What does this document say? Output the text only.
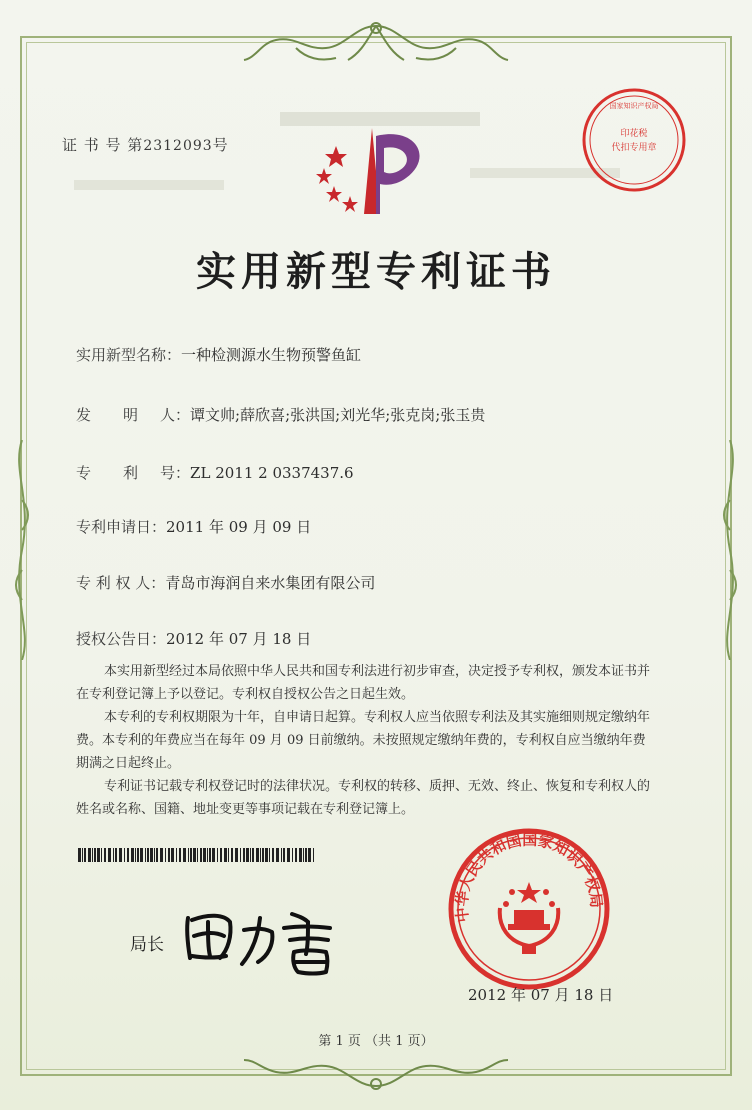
证 书 号 第2312093号
印花税
代扣专用章
国家知识产权局
实用新型专利证书
实用新型名称：一种检测源水生物预警鱼缸
发 明 人：谭文帅;薛欣喜;张洪国;刘光华;张克岗;张玉贵
专 利 号：ZL 2011 2 0337437.6
专利申请日：2011 年 09 月 09 日
专 利 权 人：青岛市海润自来水集团有限公司
授权公告日：2012 年 07 月 18 日

本实用新型经过本局依照中华人民共和国专利法进行初步审查，决定授予专利权，颁发本证书并在专利登记簿上予以登记。专利权自授权公告之日起生效。

本专利的专利权期限为十年，自申请日起算。专利权人应当依照专利法及其实施细则规定缴纳年费。本专利的年费应当在每年 09 月 09 日前缴纳。未按照规定缴纳年费的，专利权自应当缴纳年费期满之日起终止。

专利证书记载专利权登记时的法律状况。专利权的转移、质押、无效、终止、恢复和专利权人的姓名或名称、国籍、地址变更等事项记载在专利登记簿上。

局长
中华人民共和国国家知识产权局
2012 年 07 月 18 日
第 1 页 （共 1 页）
